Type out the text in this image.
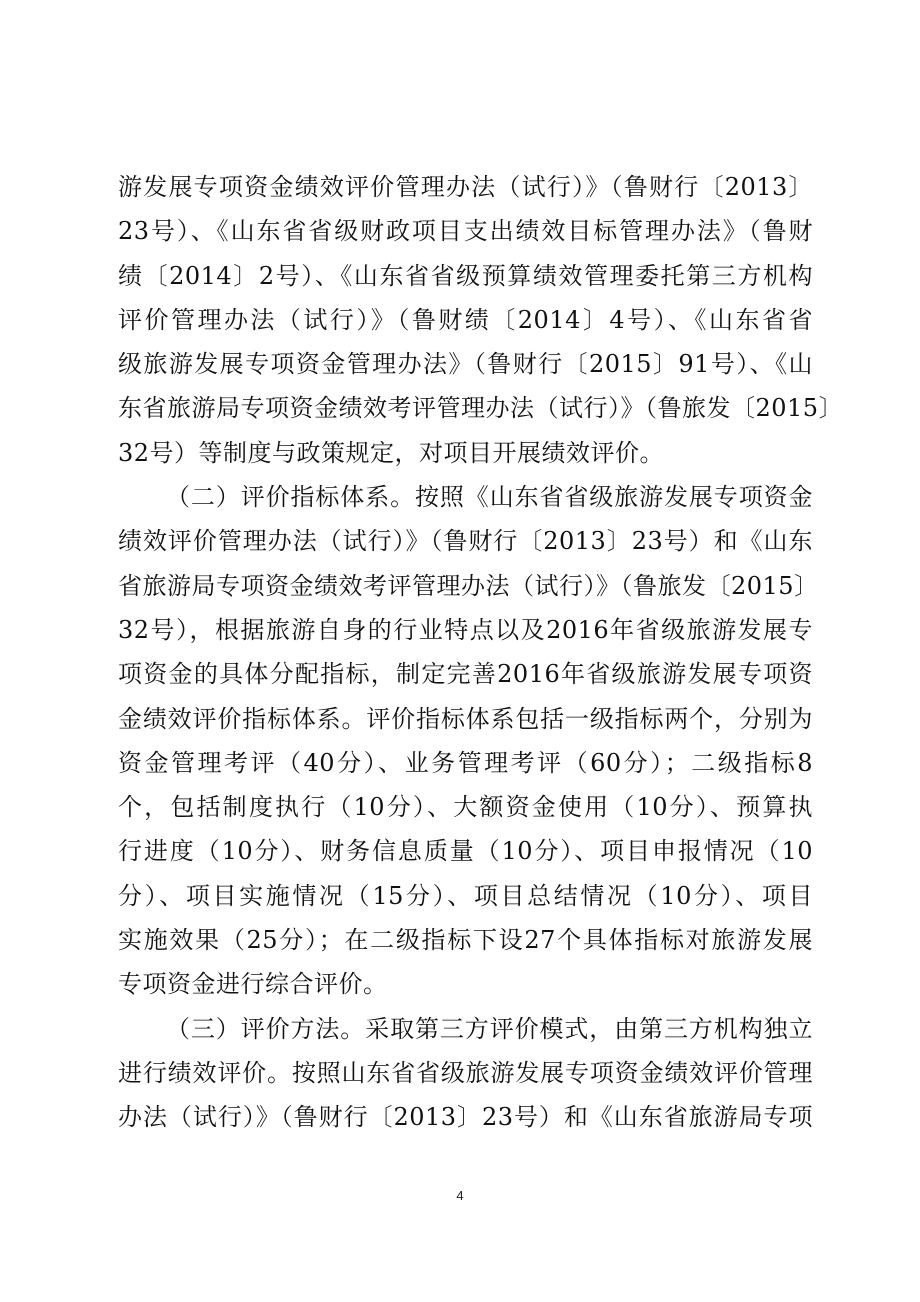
游发展专项资金绩效评价管理办法（试行）》（鲁财行〔2013〕
23号）、《山东省省级财政项目支出绩效目标管理办法》（鲁财
绩〔2014〕2号）、《山东省省级预算绩效管理委托第三方机构
评价管理办法（试行）》（鲁财绩〔2014〕4号）、《山东省省
级旅游发展专项资金管理办法》（鲁财行〔2015〕91号）、《山
东省旅游局专项资金绩效考评管理办法（试行）》（鲁旅发〔2015〕
32号）等制度与政策规定，对项目开展绩效评价。
（二）评价指标体系。按照《山东省省级旅游发展专项资金
绩效评价管理办法（试行）》（鲁财行〔2013〕23号）和《山东
省旅游局专项资金绩效考评管理办法（试行）》（鲁旅发〔2015〕
32号），根据旅游自身的行业特点以及2016年省级旅游发展专
项资金的具体分配指标，制定完善2016年省级旅游发展专项资
金绩效评价指标体系。评价指标体系包括一级指标两个，分别为
资金管理考评（40分）、业务管理考评（60分）；二级指标8
个，包括制度执行（10分）、大额资金使用（10分）、预算执
行进度（10分）、财务信息质量（10分）、项目申报情况（10
分）、项目实施情况（15分）、项目总结情况（10分）、项目
实施效果（25分）；在二级指标下设27个具体指标对旅游发展
专项资金进行综合评价。
（三）评价方法。采取第三方评价模式，由第三方机构独立
进行绩效评价。按照山东省省级旅游发展专项资金绩效评价管理
办法（试行）》（鲁财行〔2013〕23号）和《山东省旅游局专项
4
